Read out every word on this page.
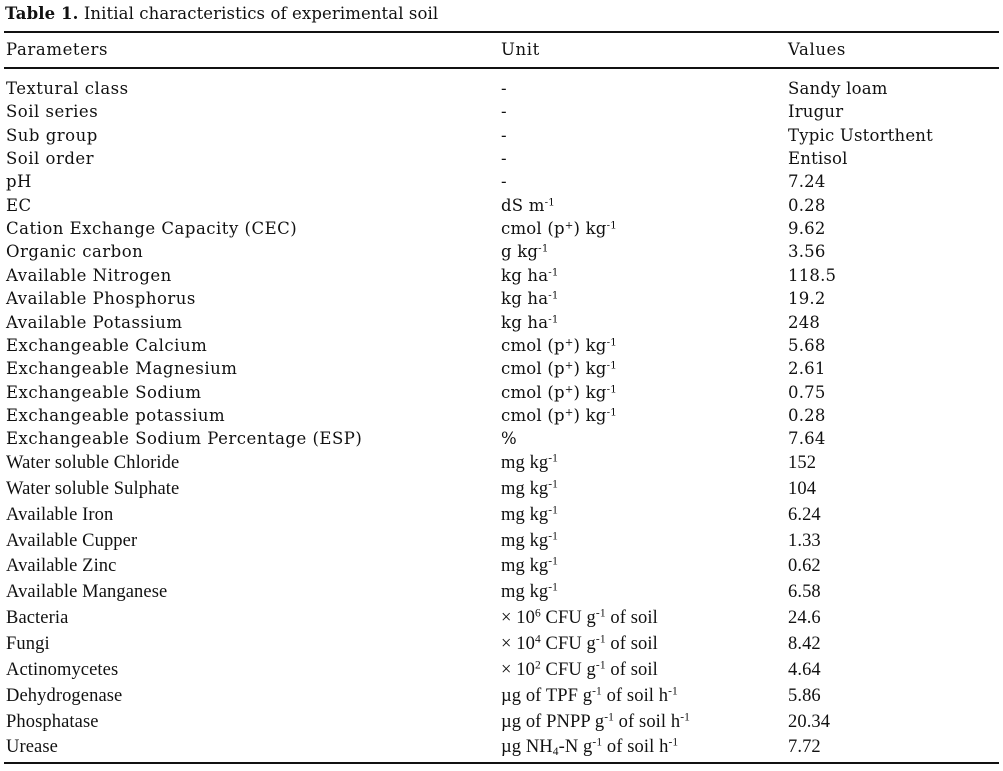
Table 1. Initial characteristics of experimental soil
Parameters	Unit	Values
Textural class	-	Sandy loam
Soil series	-	Irugur
Sub group	-	Typic Ustorthent
Soil order	-	Entisol
pH	-	7.24
EC	dS $m^{-1}$	0.28
Cation Exchange Capacity (CEC)	cmol (p+) $kg^{-1}$	9.62
Organic carbon	g $kg^{-1}$	3.56
Available Nitrogen	kg $ha^{-1}$	118.5
Available Phosphorus	kg $ha^{-1}$	19.2
Available Potassium	kg $ha^{-1}$	248
Exchangeable Calcium	cmol (p+) $kg^{-1}$	5.68
Exchangeable Magnesium	cmol (p+) $kg^{-1}$	2.61
Exchangeable Sodium	cmol (p+) $kg^{-1}$	0.75
Exchangeable potassium	cmol (p+) $kg^{-1}$	0.28
Exchangeable Sodium Percentage (ESP)	%	7.64
Water soluble Chloride	mg $kg^{-1}$	152
Water soluble Sulphate	mg $kg^{-1}$	104
Available Iron	mg $kg^{-1}$	6.24
Available Cupper	mg $kg^{-1}$	1.33
Available Zinc	mg $kg^{-1}$	0.62
Available Manganese	mg $kg^{-1}$	6.58
Bacteria	× $10^6$ CFU $g^{-1}$ of soil	24.6
Fungi	× $10^4$ CFU $g^{-1}$ of soil	8.42
Actinomycetes	× $10^2$ CFU $g^{-1}$ of soil	4.64
Dehydrogenase	µg of TPF $g^{-1}$ of soil $h^{-1}$	5.86
Phosphatase	µg of PNPP $g^{-1}$ of soil $h^{-1}$	20.34
Urease	µg $NH_4-N$ $g^{-1}$ of soil $h^{-1}$	7.72
